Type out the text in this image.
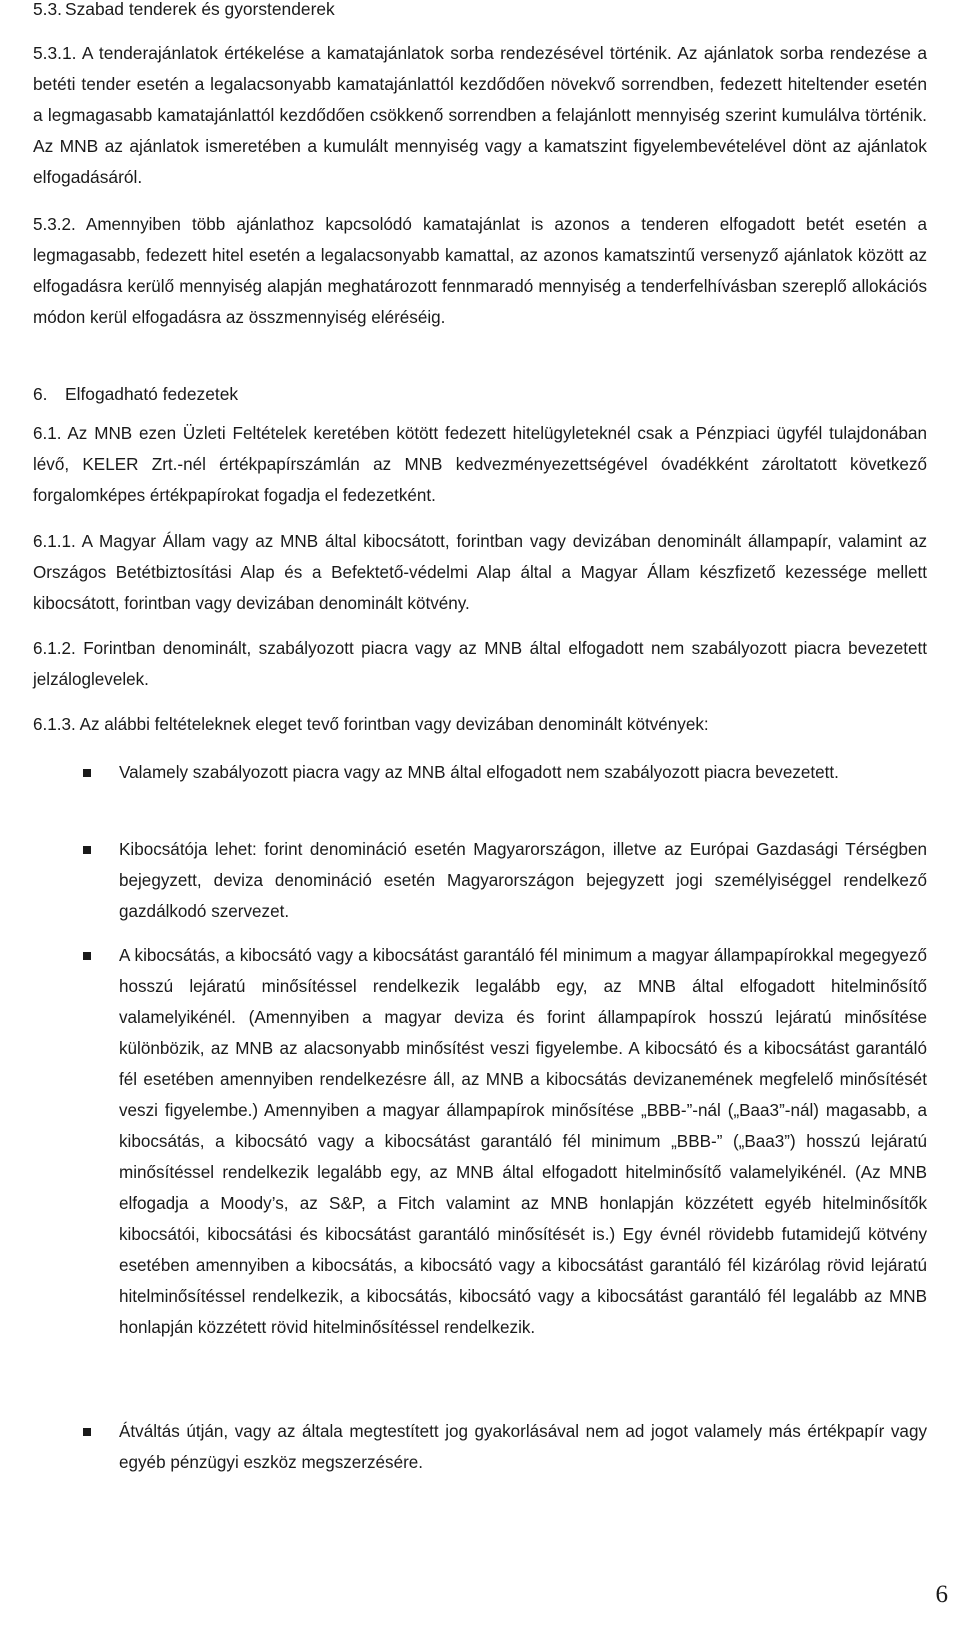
5.3. Szabad tenderek és gyorstenderek

5.3.1. A tenderajánlatok értékelése a kamatajánlatok sorba rendezésével történik. Az ajánlatok sorba rendezése a betéti tender esetén a legalacsonyabb kamatajánlattól kezdődően növekvő sorrendben, fedezett hiteltender esetén a legmagasabb kamatajánlattól kezdődően csökkenő sorrendben a felajánlott mennyiség szerint kumulálva történik. Az MNB az ajánlatok ismeretében a kumulált mennyiség vagy a kamatszint figyelembevételével dönt az ajánlatok elfogadásáról.

5.3.2. Amennyiben több ajánlathoz kapcsolódó kamatajánlat is azonos a tenderen elfogadott betét esetén a legmagasabb, fedezett hitel esetén a legalacsonyabb kamattal, az azonos kamatszintű versenyző ajánlatok között az elfogadásra kerülő mennyiség alapján meghatározott fennmaradó mennyiség a tenderfelhívásban szereplő allokációs módon kerül elfogadásra az összmennyiség eléréséig.

6. Elfogadható fedezetek

6.1. Az MNB ezen Üzleti Feltételek keretében kötött fedezett hitelügyleteknél csak a Pénzpiaci ügyfél tulajdonában lévő, KELER Zrt.-nél értékpapírszámlán az MNB kedvezményezettségével óvadékként zároltatott következő forgalomképes értékpapírokat fogadja el fedezetként.

6.1.1. A Magyar Állam vagy az MNB által kibocsátott, forintban vagy devizában denominált állampapír, valamint az Országos Betétbiztosítási Alap és a Befektető-védelmi Alap által a Magyar Állam készfizető kezessége mellett kibocsátott, forintban vagy devizában denominált kötvény.

6.1.2. Forintban denominált, szabályozott piacra vagy az MNB által elfogadott nem szabályozott piacra bevezetett jelzáloglevelek.

6.1.3. Az alábbi feltételeknek eleget tevő forintban vagy devizában denominált kötvények:

Valamely szabályozott piacra vagy az MNB által elfogadott nem szabályozott piacra bevezetett.
Kibocsátója lehet: forint denomináció esetén Magyarországon, illetve az Európai Gazdasági Térségben bejegyzett, deviza denomináció esetén Magyarországon bejegyzett jogi személyiséggel rendelkező gazdálkodó szervezet.
A kibocsátás, a kibocsátó vagy a kibocsátást garantáló fél minimum a magyar állampapírokkal megegyező hosszú lejáratú minősítéssel rendelkezik legalább egy, az MNB által elfogadott hitelminősítő valamelyikénél. (Amennyiben a magyar deviza és forint állampapírok hosszú lejáratú minősítése különbözik, az MNB az alacsonyabb minősítést veszi figyelembe. A kibocsátó és a kibocsátást garantáló fél esetében amennyiben rendelkezésre áll, az MNB a kibocsátás devizanemének megfelelő minősítését veszi figyelembe.) Amennyiben a magyar állampapírok minősítése „BBB-”-nál („Baa3”-nál) magasabb, a kibocsátás, a kibocsátó vagy a kibocsátást garantáló fél minimum „BBB-” („Baa3”) hosszú lejáratú minősítéssel rendelkezik legalább egy, az MNB által elfogadott hitelminősítő valamelyikénél. (Az MNB elfogadja a Moody’s, az S&P, a Fitch valamint az MNB honlapján közzétett egyéb hitelminősítők kibocsátói, kibocsátási és kibocsátást garantáló minősítését is.) Egy évnél rövidebb futamidejű kötvény esetében amennyiben a kibocsátás, a kibocsátó vagy a kibocsátást garantáló fél kizárólag rövid lejáratú hitelminősítéssel rendelkezik, a kibocsátás, kibocsátó vagy a kibocsátást garantáló fél legalább az MNB honlapján közzétett rövid hitelminősítéssel rendelkezik.
Átváltás útján, vagy az általa megtestített jog gyakorlásával nem ad jogot valamely más értékpapír vagy egyéb pénzügyi eszköz megszerzésére.
6
